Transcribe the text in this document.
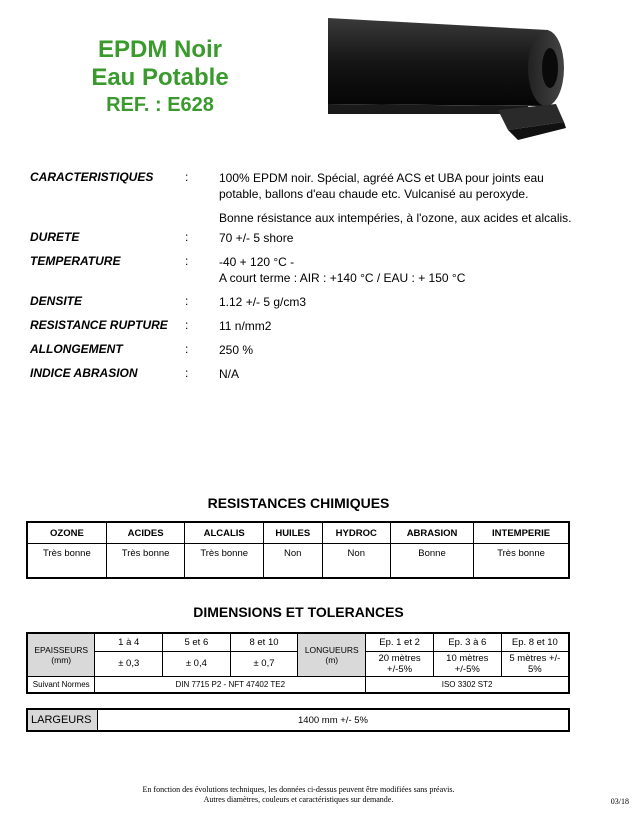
EPDM Noir
Eau Potable
REF. : E628
CARACTERISTIQUES	:	100% EPDM noir. Spécial, agréé ACS et UBA pour joints eau potable, ballons d'eau chaude etc. Vulcanisé au peroxyde.

Bonne résistance aux intempéries, à l'ozone, aux acides et alcalis.

DURETE	:	70 +/- 5 shore
TEMPERATURE	:	-40 + 120 °C -

A court terme : AIR : +140 °C / EAU : + 150 °C

DENSITE	:	1.12 +/- 5 g/cm3
RESISTANCE RUPTURE	:	11 n/mm2
ALLONGEMENT	:	250 %
INDICE ABRASION	:	N/A
RESISTANCES CHIMIQUES
OZONE	ACIDES	ALCALIS	HUILES	HYDROC	ABRASION	INTEMPERIE
Très bonne	Très bonne	Très bonne	Non	Non	Bonne	Très bonne
DIMENSIONS ET TOLERANCES
EPAISSEURS (mm)	1 à 4	5 et 6	8 et 10	LONGUEURS (m)	Ep. 1 et 2	Ep. 3 à 6	Ep. 8 et 10
	± 0,3	± 0,4	± 0,7		20 mètres +/-5%	10 mètres +/-5%	5 mètres +/- 5%
Suivant Normes	DIN 7715 P2 - NFT 47402 TE2				ISO 3302 ST2		
LARGEURS	1400 mm +/- 5%
En fonction des évolutions techniques, les données ci-dessus peuvent être modifiées sans préavis.
Autres diamètres, couleurs et caractéristiques sur demande.	03/18
